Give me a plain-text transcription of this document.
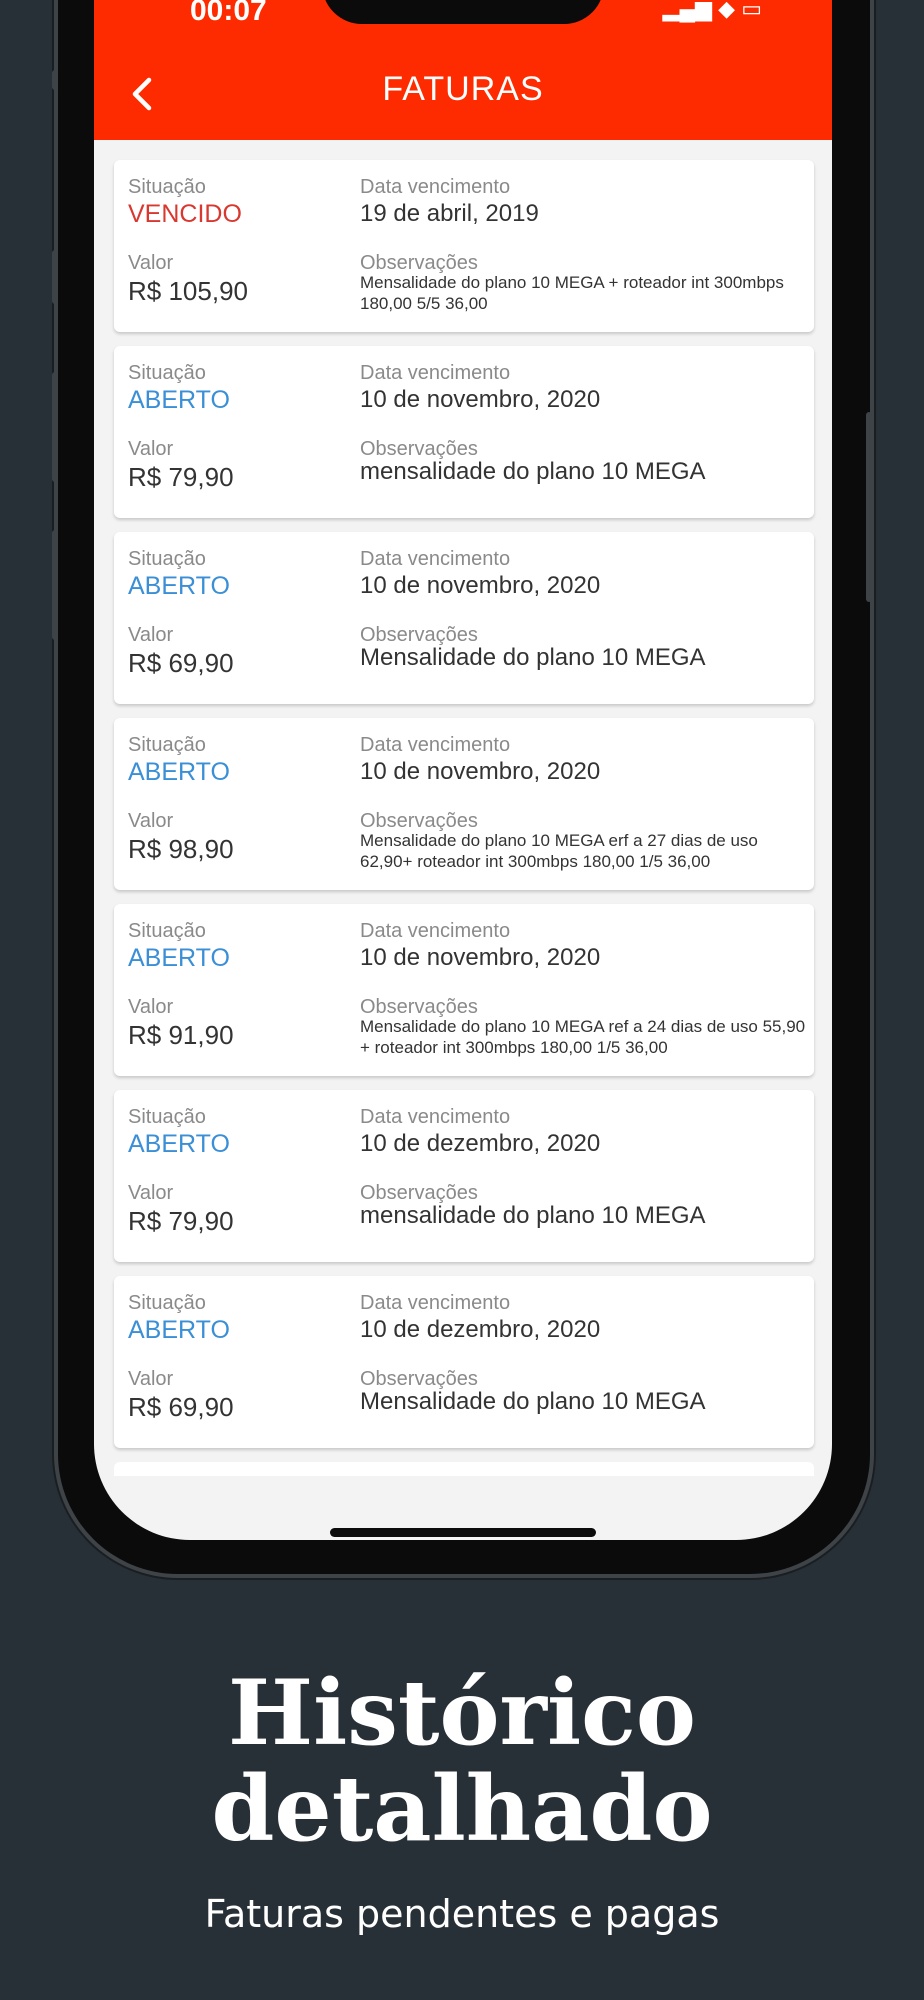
00:07	▂▄▆ ◆ ▭
FATURAS
Situação
VENCIDO
Data vencimento
19 de abril, 2019
Valor
R$ 105,90
Observações
Mensalidade do plano 10 MEGA + roteador int 300mbps 180,00 5/5 36,00
Situação
ABERTO
Data vencimento
10 de novembro, 2020
Valor
R$ 79,90
Observações
mensalidade do plano 10 MEGA
Situação
ABERTO
Data vencimento
10 de novembro, 2020
Valor
R$ 69,90
Observações
Mensalidade do plano 10 MEGA
Situação
ABERTO
Data vencimento
10 de novembro, 2020
Valor
R$ 98,90
Observações
Mensalidade do plano 10 MEGA erf a 27 dias de uso 62,90+ roteador int 300mbps 180,00 1/5 36,00
Situação
ABERTO
Data vencimento
10 de novembro, 2020
Valor
R$ 91,90
Observações
Mensalidade do plano 10 MEGA ref a 24 dias de uso 55,90 + roteador int 300mbps 180,00 1/5 36,00
Situação
ABERTO
Data vencimento
10 de dezembro, 2020
Valor
R$ 79,90
Observações
mensalidade do plano 10 MEGA
Situação
ABERTO
Data vencimento
10 de dezembro, 2020
Valor
R$ 69,90
Observações
Mensalidade do plano 10 MEGA
Histórico
detalhado
Faturas pendentes e pagas
